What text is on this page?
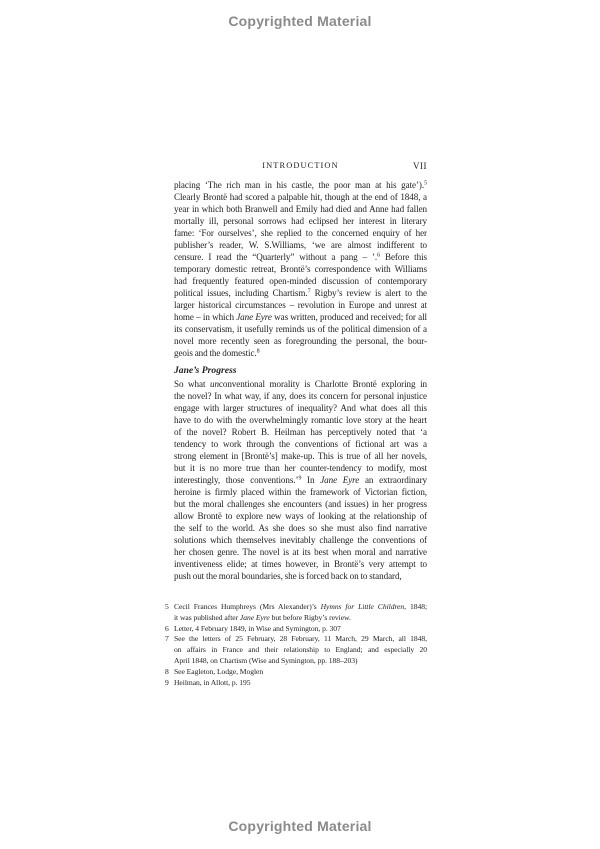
Copyrighted Material
INTRODUCTION	VII
placing ‘The rich man in his castle, the poor man at his gate’).$^5$
Clearly Brontë had scored a palpable hit, though at the end of 1848, a
year in which both Branwell and Emily had died and Anne had fallen
mortally ill, personal sorrows had eclipsed her interest in literary
fame: ‘For ourselves’, she replied to the concerned enquiry of her
publisher’s reader, W. S.Williams, ‘we are almost indifferent to
censure. I read the “Quarterly” without a pang – ’.$^6$ Before this
temporary domestic retreat, Brontë’s correspondence with Williams
had frequently featured open-minded discussion of contemporary
political issues, including Chartism.$^7$ Rigby’s review is alert to the
larger historical circumstances – revolution in Europe and unrest at
home – in which Jane Eyre was written, produced and received; for all
its conservatism, it usefully reminds us of the political dimension of a
novel more recently seen as foregrounding the personal, the bour-
geois and the domestic.$^8$
Jane’s Progress
So what unconventional morality is Charlotte Brontë exploring in
the novel? In what way, if any, does its concern for personal injustice
engage with larger structures of inequality? And what does all this
have to do with the overwhelmingly romantic love story at the heart
of the novel? Robert B. Heilman has perceptively noted that ‘a
tendency to work through the conventions of fictional art was a
strong element in [Brontë’s] make-up. This is true of all her novels,
but it is no more true than her counter-tendency to modify, most
interestingly, those conventions.’$^9$ In Jane Eyre an extraordinary
heroine is firmly placed within the framework of Victorian fiction,
but the moral challenges she encounters (and issues) in her progress
allow Brontë to explore new ways of looking at the relationship of
the self to the world. As she does so she must also find narrative
solutions which themselves inevitably challenge the conventions of
her chosen genre. The novel is at its best when moral and narrative
inventiveness elide; at times however, in Brontë’s very attempt to
push out the moral boundaries, she is forced back on to standard,
5 Cecil Frances Humphreys (Mrs Alexander)’s Hymns for Little Children, 1848;
it was published after Jane Eyre but before Rigby’s review.
6 Letter, 4 February 1849, in Wise and Symington, p. 307
7 See the letters of 25 February, 28 February, 11 March, 29 March, all 1848,
on affairs in France and their relationship to England; and especially 20
April 1848, on Chartism (Wise and Symington, pp. 188–203)
8 See Eagleton, Lodge, Moglen
9 Heilman, in Allott, p. 195
Copyrighted Material
